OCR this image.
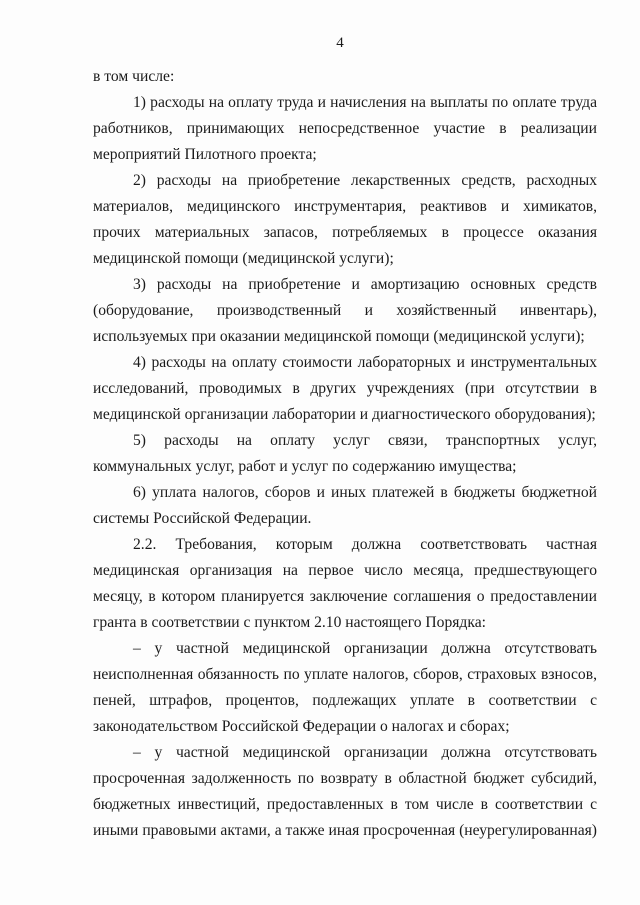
4

в том числе:

1) расходы на оплату труда и начисления на выплаты по оплате труда работников, принимающих непосредственное участие в реализации мероприятий Пилотного проекта;

2) расходы на приобретение лекарственных средств, расходных материалов, медицинского инструментария, реактивов и химикатов, прочих материальных запасов, потребляемых в процессе оказания медицинской помощи (медицинской услуги);

3) расходы на приобретение и амортизацию основных средств (оборудование, производственный и хозяйственный инвентарь), используемых при оказании медицинской помощи (медицинской услуги);

4) расходы на оплату стоимости лабораторных и инструментальных исследований, проводимых в других учреждениях (при отсутствии в медицинской организации лаборатории и диагностического оборудования);

5) расходы на оплату услуг связи, транспортных услуг, коммунальных услуг, работ и услуг по содержанию имущества;

6) уплата налогов, сборов и иных платежей в бюджеты бюджетной системы Российской Федерации.

2.2. Требования, которым должна соответствовать частная медицинская организация на первое число месяца, предшествующего месяцу, в котором планируется заключение соглашения о предоставлении гранта в соответствии с пунктом 2.10 настоящего Порядка:

– у частной медицинской организации должна отсутствовать неисполненная обязанность по уплате налогов, сборов, страховых взносов, пеней, штрафов, процентов, подлежащих уплате в соответствии с законодательством Российской Федерации о налогах и сборах;

– у частной медицинской организации должна отсутствовать просроченная задолженность по возврату в областной бюджет субсидий, бюджетных инвестиций, предоставленных в том числе в соответствии с иными правовыми актами, а также иная просроченная (неурегулированная)
